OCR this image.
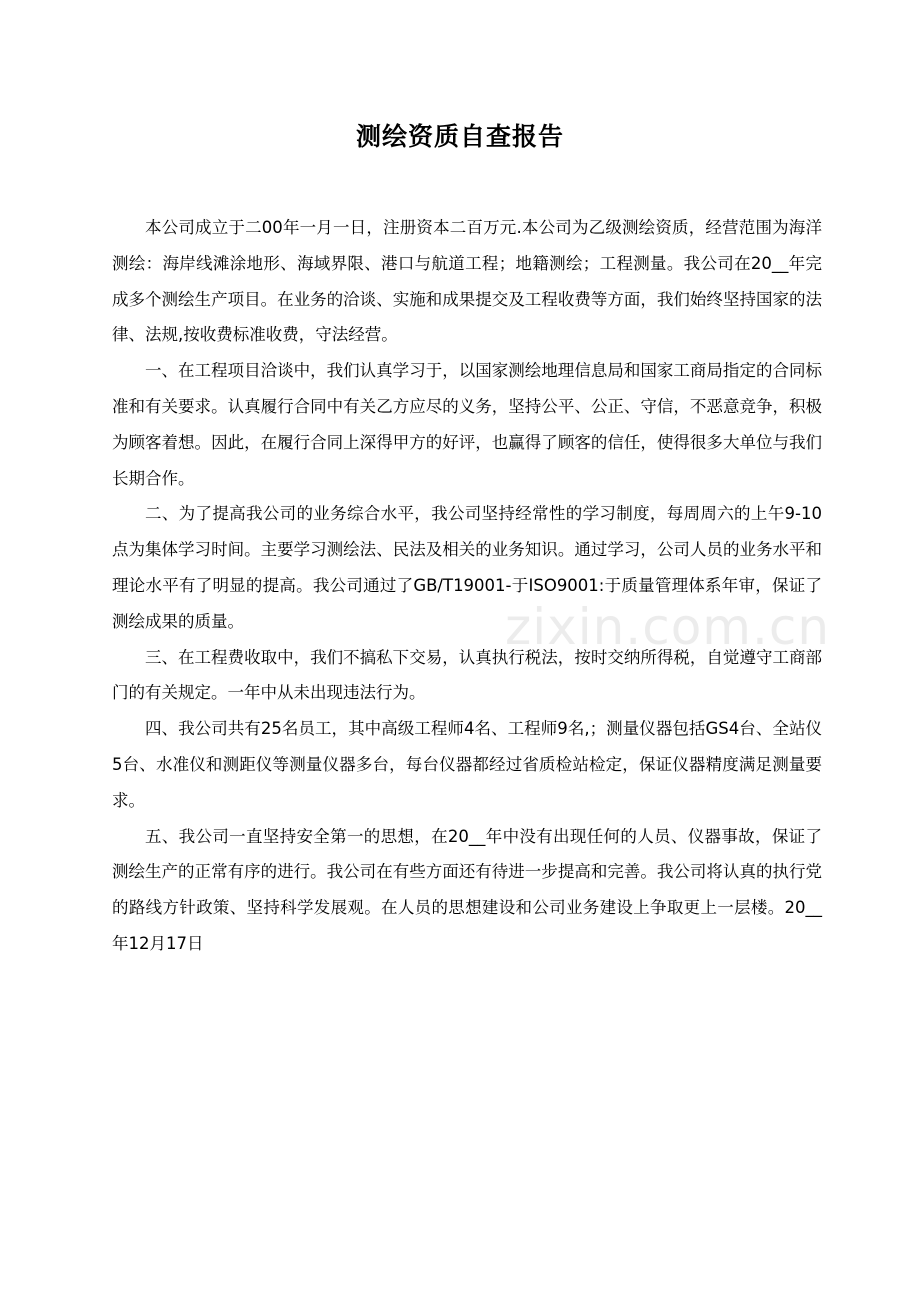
测绘资质自查报告

本公司成立于二00年一月一日，注册资本二百万元.本公司为乙级测绘资质，经营范围为海洋测绘：海岸线滩涂地形、海域界限、港口与航道工程；地籍测绘；工程测量。我公司在20__年完成多个测绘生产项目。在业务的洽谈、实施和成果提交及工程收费等方面，我们始终坚持国家的法律、法规,按收费标准收费，守法经营。

一、在工程项目洽谈中，我们认真学习于，以国家测绘地理信息局和国家工商局指定的合同标准和有关要求。认真履行合同中有关乙方应尽的义务，坚持公平、公正、守信，不恶意竞争，积极为顾客着想。因此，在履行合同上深得甲方的好评，也赢得了顾客的信任，使得很多大单位与我们长期合作。

二、为了提高我公司的业务综合水平，我公司坚持经常性的学习制度，每周周六的上午9-10点为集体学习时间。主要学习测绘法、民法及相关的业务知识。通过学习，公司人员的业务水平和理论水平有了明显的提高。我公司通过了GB/T19001-于ISO9001:于质量管理体系年审，保证了测绘成果的质量。

三、在工程费收取中，我们不搞私下交易，认真执行税法，按时交纳所得税，自觉遵守工商部门的有关规定。一年中从未出现违法行为。

四、我公司共有25名员工，其中高级工程师4名、工程师9名,；测量仪器包括GS4台、全站仪5台、水准仪和测距仪等测量仪器多台，每台仪器都经过省质检站检定，保证仪器精度满足测量要求。

五、我公司一直坚持安全第一的思想，在20__年中没有出现任何的人员、仪器事故，保证了测绘生产的正常有序的进行。我公司在有些方面还有待进一步提高和完善。我公司将认真的执行党的路线方针政策、坚持科学发展观。在人员的思想建设和公司业务建设上争取更上一层楼。20__年12月17日

zixin.com.cn
